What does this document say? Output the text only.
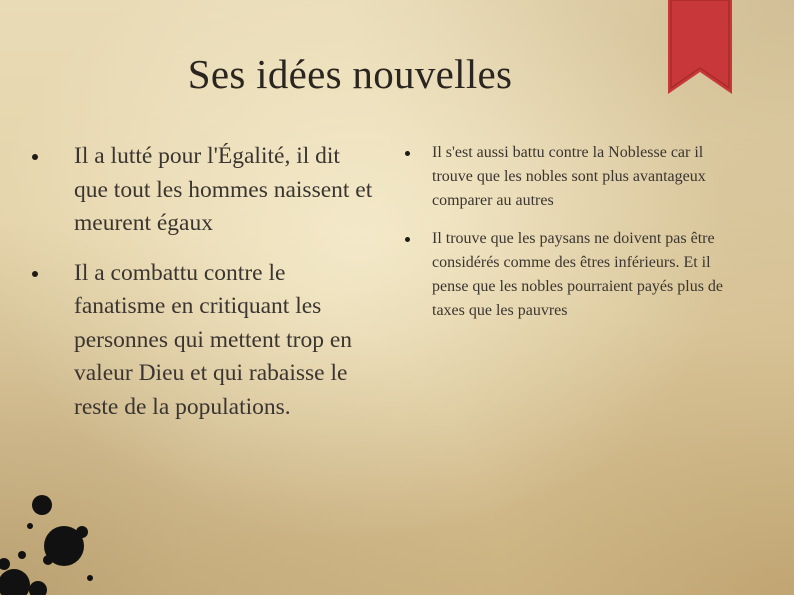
Ses idées nouvelles
Il a lutté pour l'Égalité, il dit que tout les hommes naissent et meurent égaux
Il a combattu contre le fanatisme en critiquant les personnes qui mettent trop en valeur Dieu et qui rabaisse le reste de la populations.
Il s'est aussi battu contre la Noblesse car il trouve que les nobles sont plus avantageux comparer au autres
Il trouve que les paysans ne doivent pas être considérés comme des êtres inférieurs. Et il pense que les nobles pourraient payés plus de taxes que les pauvres
